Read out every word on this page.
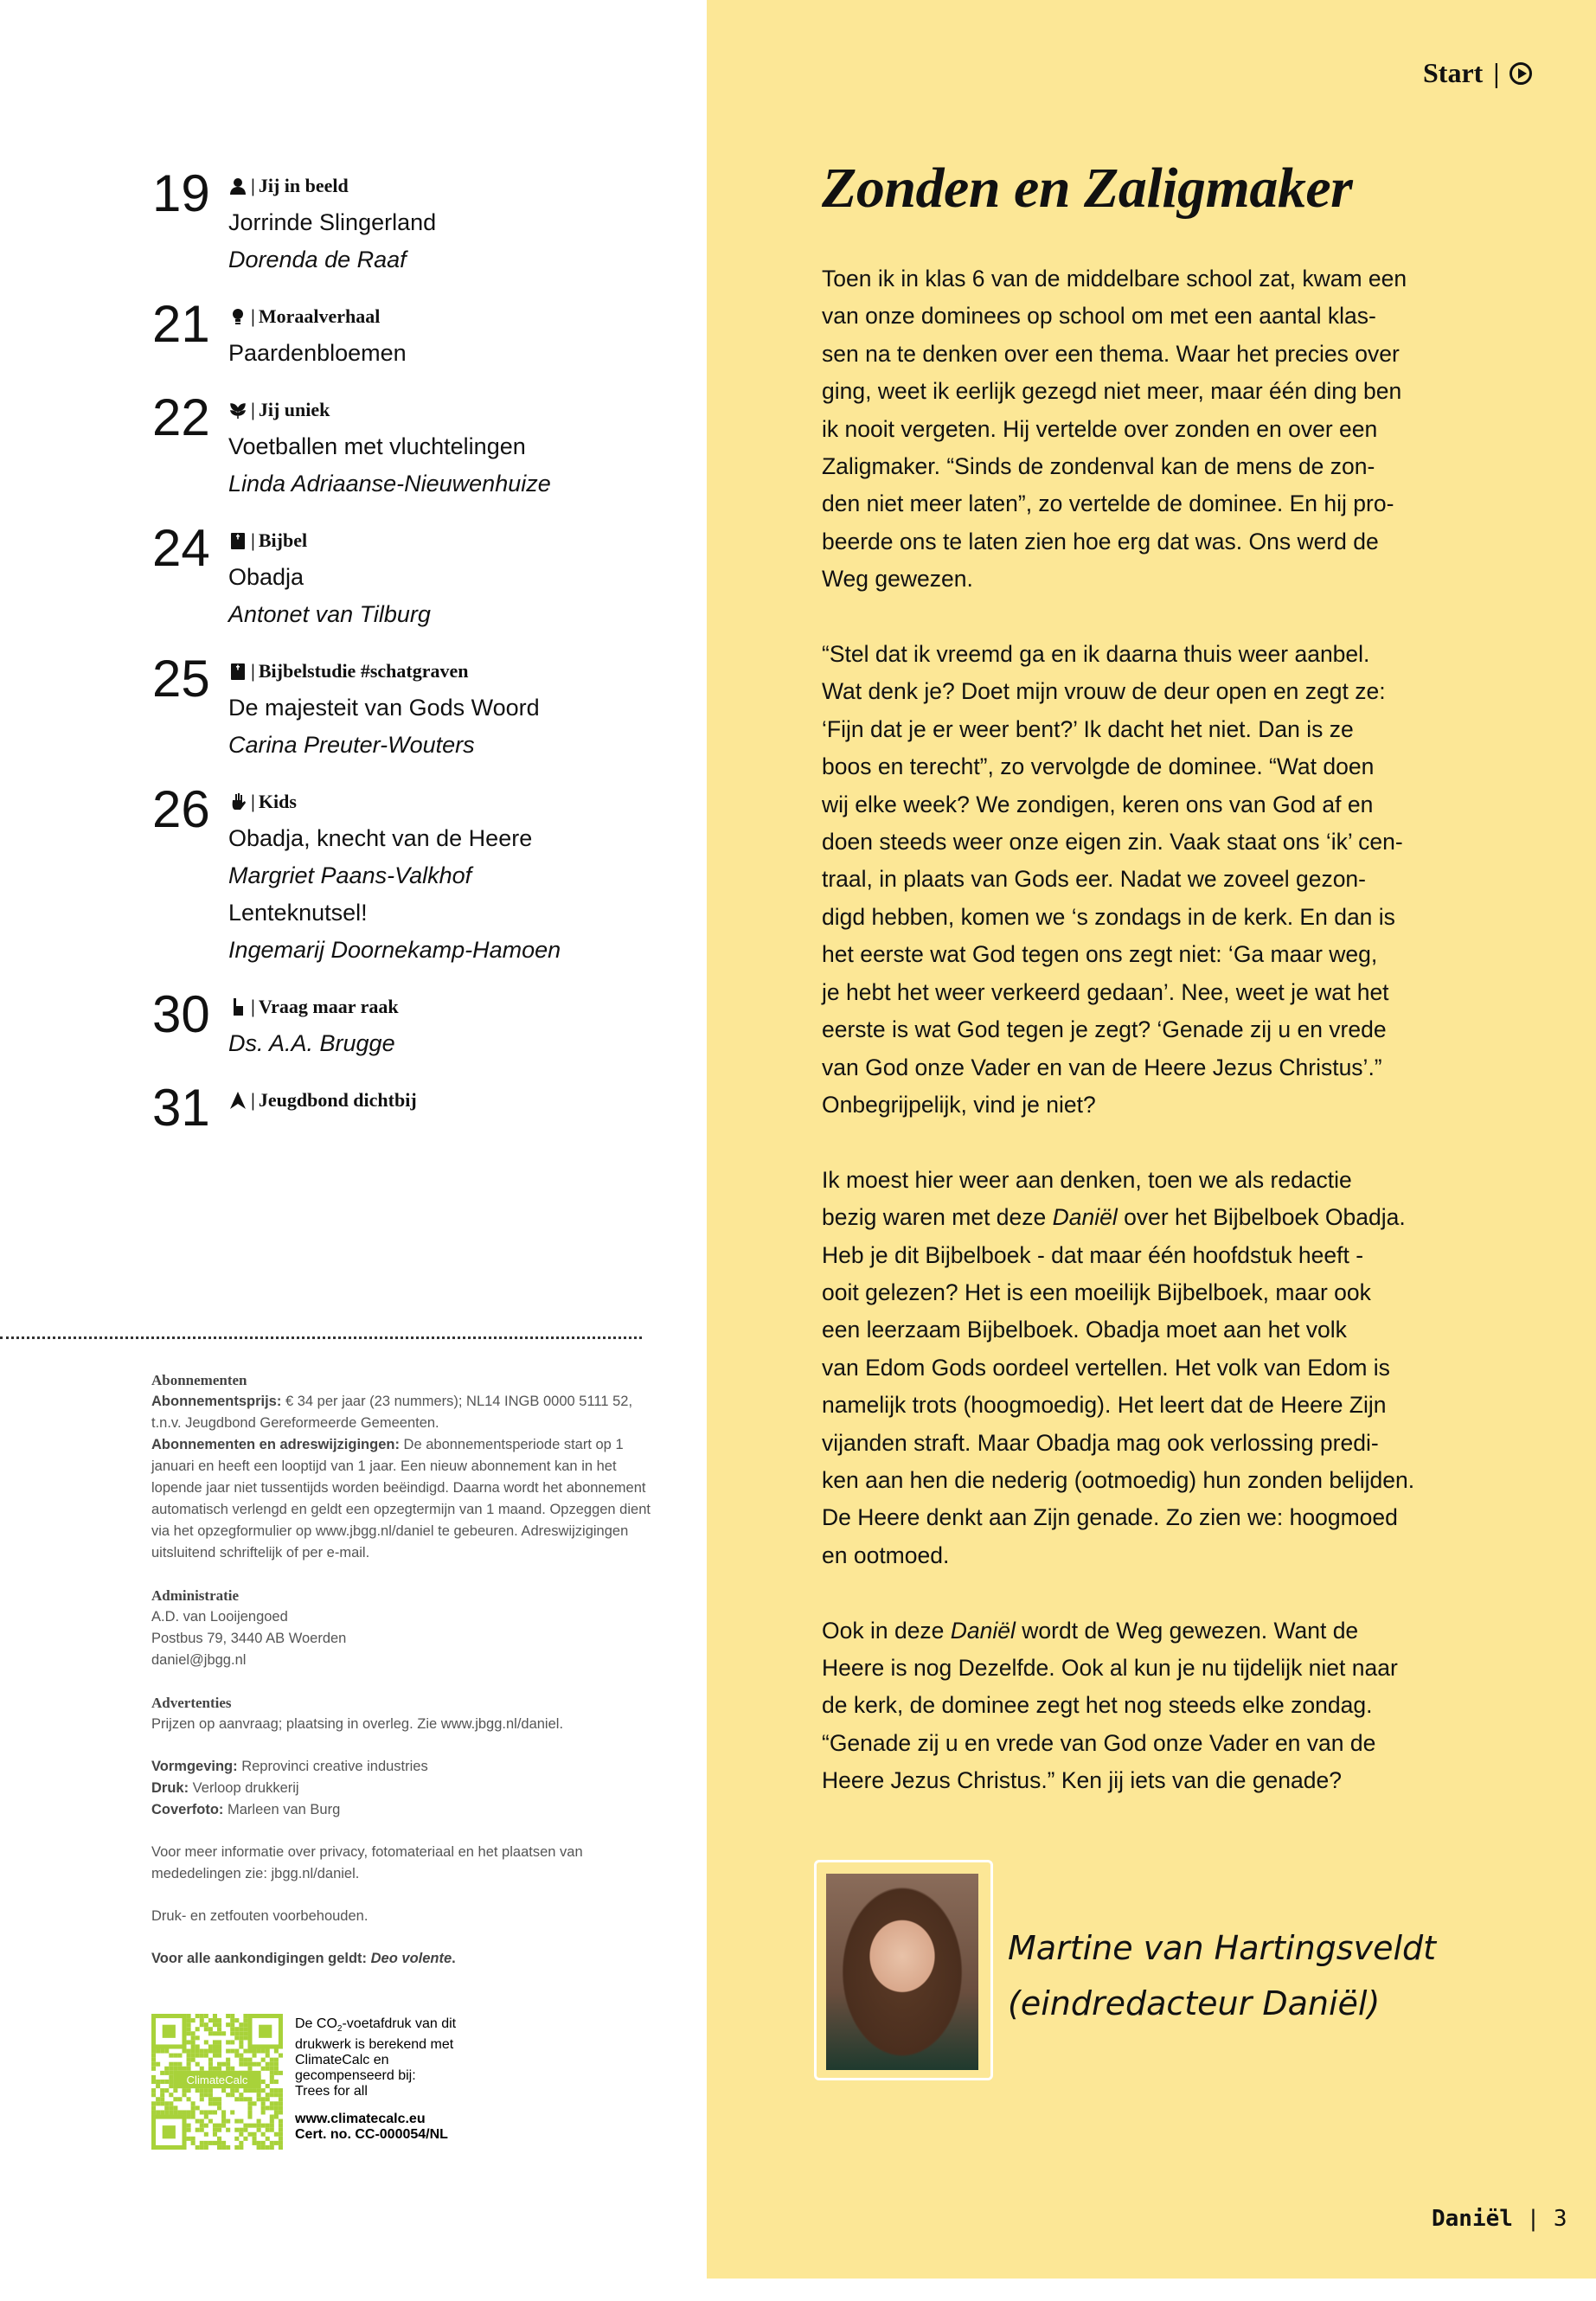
Start |
19 | Jij in beeld
Jorrinde Slingerland
Dorenda de Raaf
21 | Moraalverhaal
Paardenbloemen
22 | Jij uniek
Voetballen met vluchtelingen
Linda Adriaanse-Nieuwenhuize
24 | Bijbel
Obadja
Antonet van Tilburg
25 | Bijbelstudie #schatgraven
De majesteit van Gods Woord
Carina Preuter-Wouters
26 | Kids
Obadja, knecht van de Heere
Margriet Paans-Valkhof
Lenteknutsel!
Ingemarij Doornekamp-Hamoen
30 | Vraag maar raak
Ds. A.A. Brugge
31 | Jeugdbond dichtbij
Abonnementen

Abonnementsprijs: € 34 per jaar (23 nummers); NL14 INGB 0000 5111 52, t.n.v. Jeugdbond Gereformeerde Gemeenten.
Abonnementen en adreswijzigingen: De abonnementsperiode start op 1 januari en heeft een looptijd van 1 jaar. Een nieuw abonnement kan in het lopende jaar niet tussentijds worden beëindigd. Daarna wordt het abonnement automatisch verlengd en geldt een opzegtermijn van 1 maand. Opzeggen dient via het opzegformulier op www.jbgg.nl/daniel te gebeuren. Adreswijzigingen uitsluitend schriftelijk of per e-mail.

Administratie

A.D. van Looijengoed
Postbus 79, 3440 AB Woerden
daniel@jbgg.nl

Advertenties

Prijzen op aanvraag; plaatsing in overleg. Zie www.jbgg.nl/daniel.

Vormgeving: Reprovinci creative industries
Druk: Verloop drukkerij
Coverfoto: Marleen van Burg

Voor meer informatie over privacy, fotomateriaal en het plaatsen van mededelingen zie: jbgg.nl/daniel.

Druk- en zetfouten voorbehouden.

Voor alle aankondigingen geldt: Deo volente.

ClimateCalc
De $CO_2$-voetafdruk van dit
drukwerk is berekend met
ClimateCalc en
gecompenseerd bij:
Trees for all
www.climatecalc.eu
Cert. no. CC-000054/NL
Zonden en Zaligmaker
Toen ik in klas 6 van de middelbare school zat, kwam een
van onze dominees op school om met een aantal klas-
sen na te denken over een thema. Waar het precies over
ging, weet ik eerlijk gezegd niet meer, maar één ding ben
ik nooit vergeten. Hij vertelde over zonden en over een
Zaligmaker. “Sinds de zondenval kan de mens de zon-
den niet meer laten”, zo vertelde de dominee. En hij pro-
beerde ons te laten zien hoe erg dat was. Ons werd de
Weg gewezen.
“Stel dat ik vreemd ga en ik daarna thuis weer aanbel.
Wat denk je? Doet mijn vrouw de deur open en zegt ze:
‘Fijn dat je er weer bent?’ Ik dacht het niet. Dan is ze
boos en terecht”, zo vervolgde de dominee. “Wat doen
wij elke week? We zondigen, keren ons van God af en
doen steeds weer onze eigen zin. Vaak staat ons ‘ik’ cen-
traal, in plaats van Gods eer. Nadat we zoveel gezon-
digd hebben, komen we ‘s zondags in de kerk. En dan is
het eerste wat God tegen ons zegt niet: ‘Ga maar weg,
je hebt het weer verkeerd gedaan’. Nee, weet je wat het
eerste is wat God tegen je zegt? ‘Genade zij u en vrede
van God onze Vader en van de Heere Jezus Christus’.”
Onbegrijpelijk, vind je niet?
Ik moest hier weer aan denken, toen we als redactie
bezig waren met deze Daniël over het Bijbelboek Obadja.
Heb je dit Bijbelboek - dat maar één hoofdstuk heeft -
ooit gelezen? Het is een moeilijk Bijbelboek, maar ook
een leerzaam Bijbelboek. Obadja moet aan het volk
van Edom Gods oordeel vertellen. Het volk van Edom is
namelijk trots (hoogmoedig). Het leert dat de Heere Zijn
vijanden straft. Maar Obadja mag ook verlossing predi-
ken aan hen die nederig (ootmoedig) hun zonden belijden.
De Heere denkt aan Zijn genade. Zo zien we: hoogmoed
en ootmoed.
Ook in deze Daniël wordt de Weg gewezen. Want de
Heere is nog Dezelfde. Ook al kun je nu tijdelijk niet naar
de kerk, de dominee zegt het nog steeds elke zondag.
“Genade zij u en vrede van God onze Vader en van de
Heere Jezus Christus.” Ken jij iets van die genade?
Martine van Hartingsveldt
(eindredacteur Daniël)
Daniël | 3
